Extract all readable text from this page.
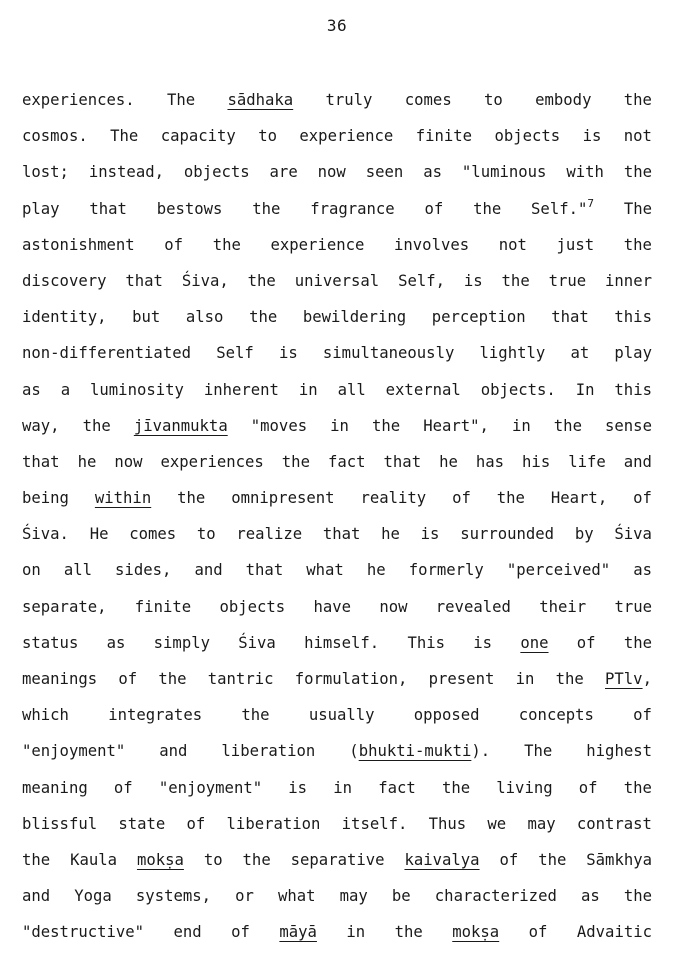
36
experiences. The sādhaka truly comes to embody the
cosmos. The capacity to experience finite objects is not
lost; instead, objects are now seen as "luminous with the
play that bestows the fragrance of the Self."$^7$ The
astonishment of the experience involves not just the
discovery that Śiva, the universal Self, is the true inner
identity, but also the bewildering perception that this
non-differentiated Self is simultaneously lightly at play
as a luminosity inherent in all external objects. In this
way, the jīvanmukta "moves in the Heart", in the sense
that he now experiences the fact that he has his life and
being within the omnipresent reality of the Heart, of
Śiva. He comes to realize that he is surrounded by Śiva
on all sides, and that what he formerly "perceived" as
separate, finite objects have now revealed their true
status as simply Śiva himself. This is one of the
meanings of the tantric formulation, present in the PTlv,
which	integrates	the	usually	opposed	concepts	of
"enjoyment" and liberation (bhukti-mukti). The highest
meaning of "enjoyment" is in fact the living of the
blissful state of liberation itself. Thus we may contrast
the Kaula mokṣa to the separative kaivalya of the Sāmkhya
and Yoga systems, or what may be characterized as the
"destructive" end of māyā in the mokṣa of Advaitic
